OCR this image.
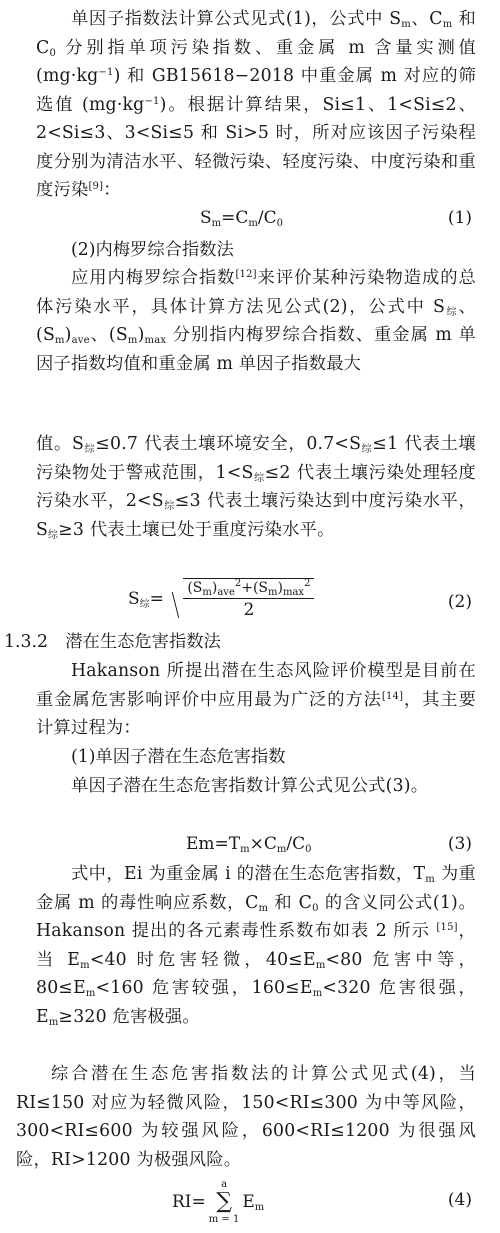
单因子指数法计算公式见式(1)，公式中 $S_m$、$C_m$ 和 $C_0$ 分别指单项污染指数、重金属 m 含量实测值$(mg\cdot kg^{-1})$ 和 GB15618−2018 中重金属 m 对应的筛选值 $(mg\cdot kg^{-1})$。根据计算结果，Si≤1、1<Si≤2、2<Si≤3、3<Si≤5 和 Si>5 时，所对应该因子污染程度分别为清洁水平、轻微污染、轻度污染、中度污染和重度污染[9]：

$S_m=C_m/C_0$	(1)

(2)内梅罗综合指数法

应用内梅罗综合指数[12]来评价某种污染物造成的总体污染水平，具体计算方法见公式(2)，公式中 $S_综$、$(S_m)_{ave}$、$(S_m)_{max}$ 分别指内梅罗综合指数、重金属 m 单因子指数均值和重金属 m 单因子指数最大

值。$S_综\le 0.7$ 代表土壤环境安全，$0.7<S_综\le 1$ 代表土壤污染物处于警戒范围，$1<S_综\le 2$ 代表土壤污染处理轻度污染水平，$2<S_综\le 3$ 代表土壤污染达到中度污染水平，$S_综\ge 3$ 代表土壤已处于重度污染水平。

$S_综= \frac{(S_m)_{ave}^2+(S_m)_{max}^2}{2}$	(2)

1.3.2　潜在生态危害指数法

Hakanson 所提出潜在生态风险评价模型是目前在重金属危害影响评价中应用最为广泛的方法[14]，其主要计算过程为：

(1)单因子潜在生态危害指数

单因子潜在生态危害指数计算公式见公式(3)。

$Em=T_m\times C_m/C_0$	(3)

式中，Ei 为重金属 i 的潜在生态危害指数，$T_m$ 为重金属 m 的毒性响应系数，$C_m$ 和 $C_0$ 的含义同公式(1)。Hakanson 提出的各元素毒性系数布如表 2 所示 [15]，当 $E_m<40$ 时危害轻微，$40\le E_m<80$ 危害中等，$80\le E_m<160$ 危害较强，$160\le E_m<320$ 危害很强，$E_m\ge 320$ 危害极强。

综合潜在生态危害指数法的计算公式见式(4)，当 RI≤150 对应为轻微风险，150<RI≤300 为中等风险，300<RI≤600 为较强风险，600<RI≤1200 为很强风险，RI>1200 为极强风险。

RI=
a
∑
m = 1
$E_m$	(4)
